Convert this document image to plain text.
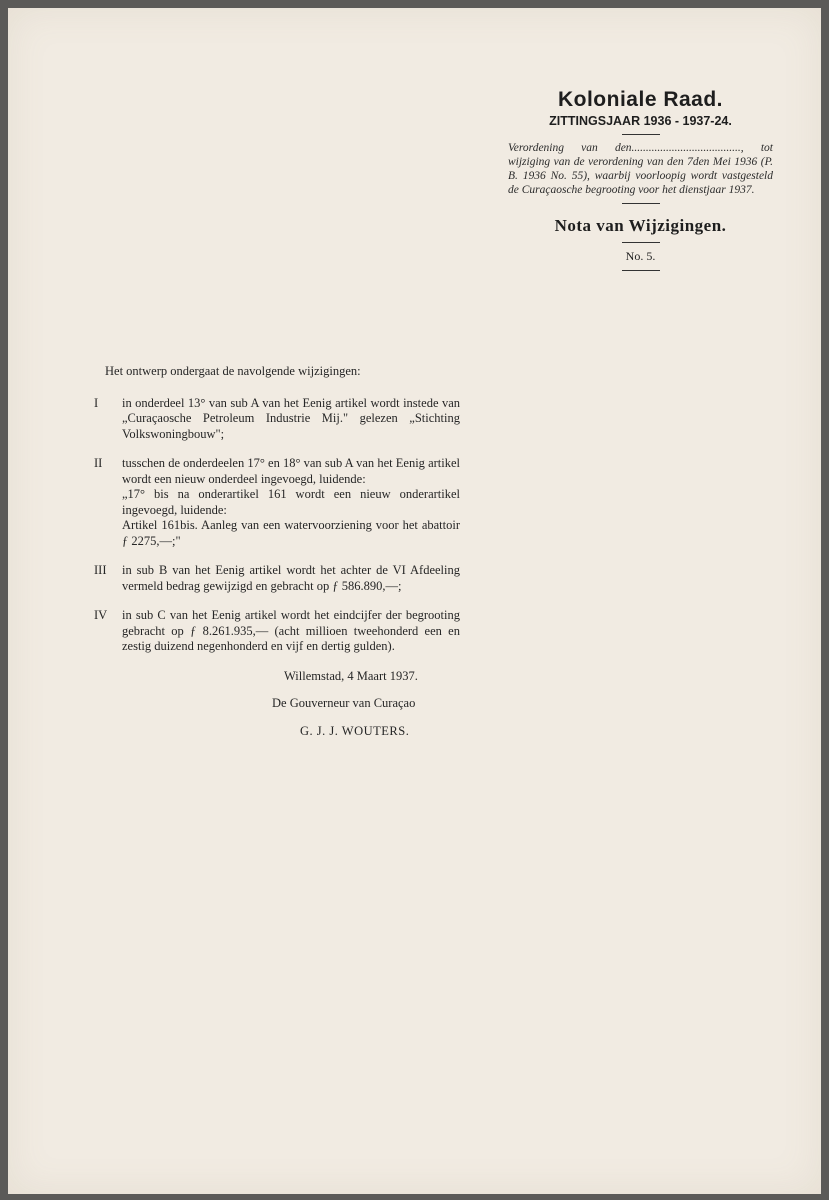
Koloniale Raad.
ZITTINGSJAAR 1936 - 1937-24.
Verordening van den......................................, tot wijziging van de verordening van den 7den Mei 1936 (P. B. 1936 No. 55), waarbij voorloopig wordt vastgesteld de Curaçaosche begrooting voor het dienstjaar 1937.
Nota van Wijzigingen.
No. 5.
Het ontwerp ondergaat de navolgende wijzigingen:
I	in onderdeel 13° van sub A van het Eenig artikel wordt instede van „Curaçaosche Petroleum Industrie Mij." gelezen „Stichting Volkswoningbouw";

II	tusschen de onderdeelen 17° en 18° van sub A van het Eenig artikel wordt een nieuw onderdeel ingevoegd, luidende:

„17° bis na onderartikel 161 wordt een nieuw onderartikel ingevoegd, luidende:

Artikel 161bis. Aanleg van een watervoorziening voor het abattoir ƒ 2275,—;"

III	in sub B van het Eenig artikel wordt het achter de VI Afdeeling vermeld bedrag gewijzigd en gebracht op ƒ 586.890,—;

IV	in sub C van het Eenig artikel wordt het eindcijfer der begrooting gebracht op ƒ 8.261.935,— (acht millioen tweehonderd een en zestig duizend negenhonderd en vijf en dertig gulden).

Willemstad, 4 Maart 1937.
De Gouverneur van Curaçao
G. J. J. WOUTERS.
